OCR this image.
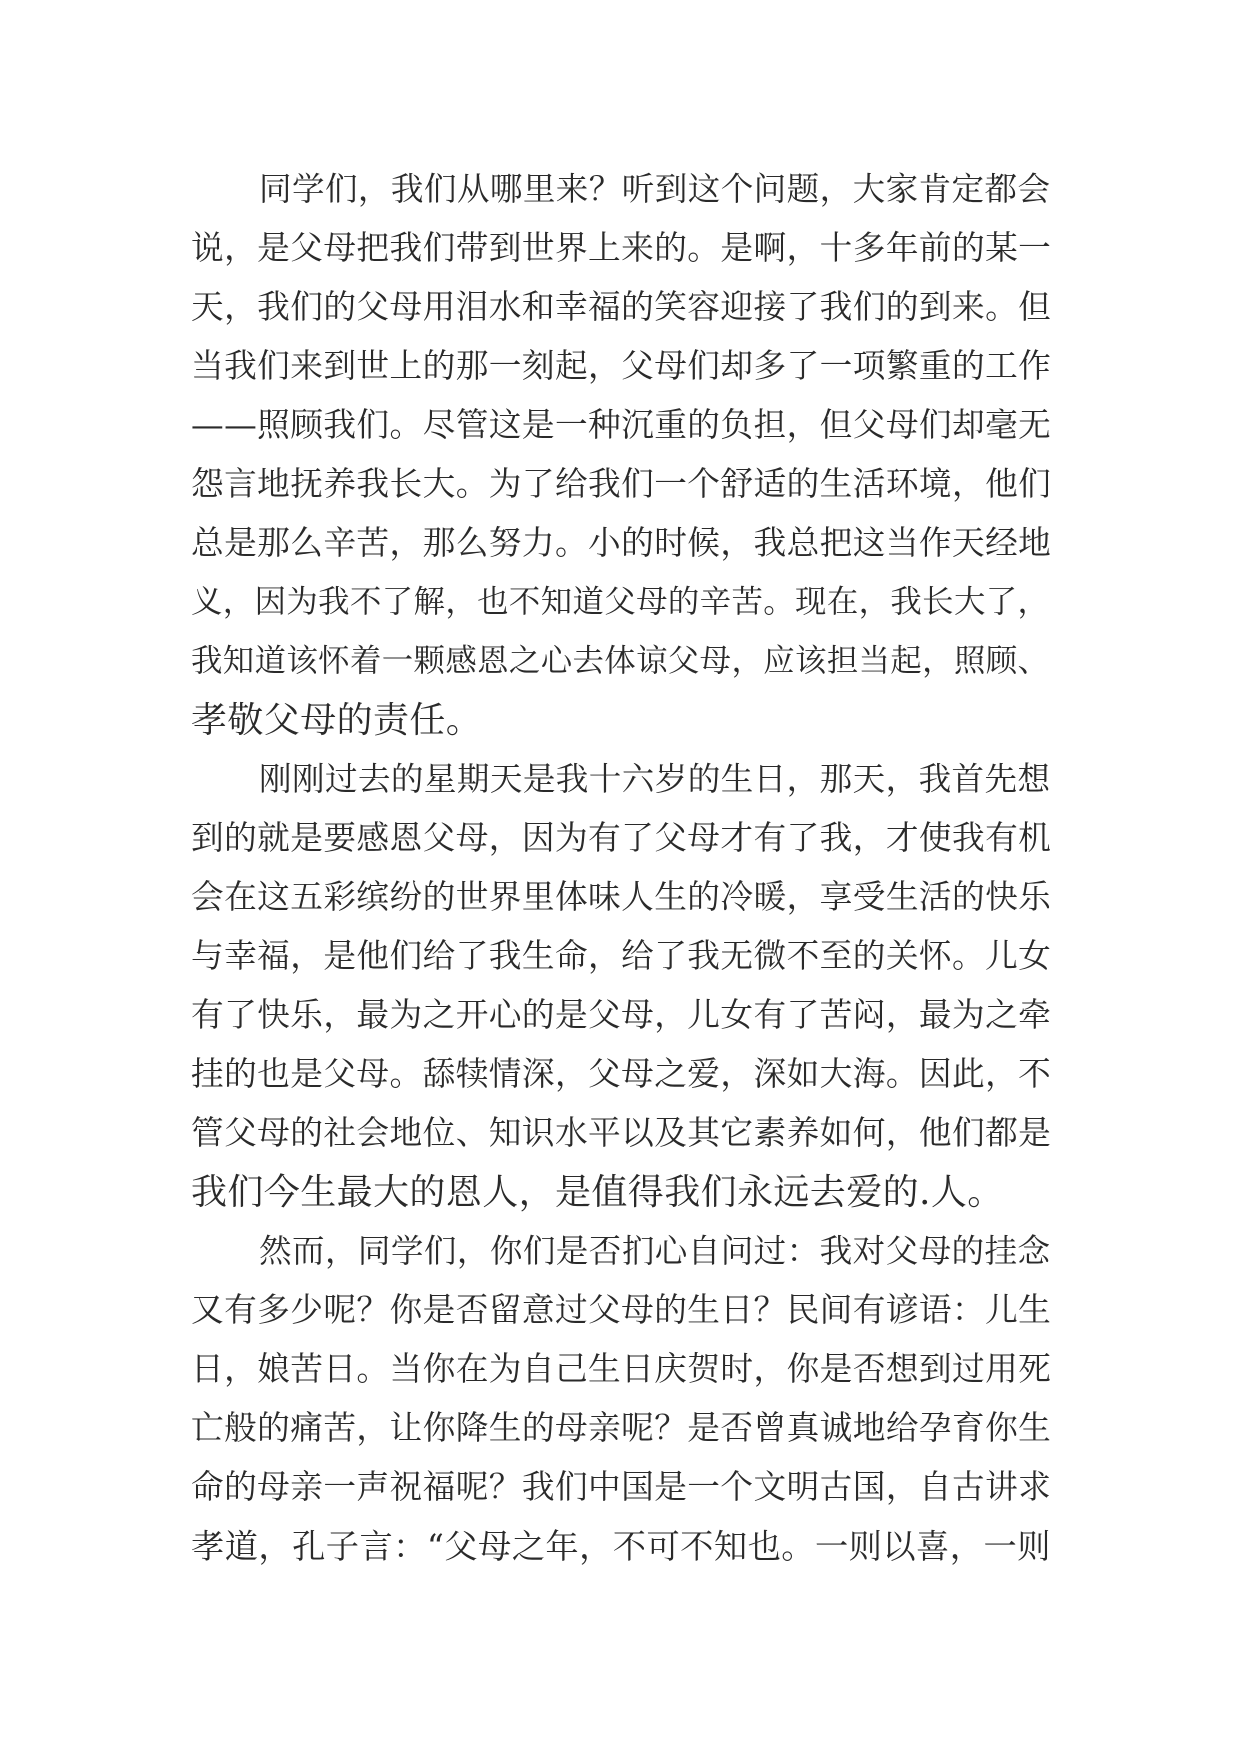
同学们，我们从哪里来？听到这个问题，大家肯定都会
说，是父母把我们带到世界上来的。是啊，十多年前的某一
天，我们的父母用泪水和幸福的笑容迎接了我们的到来。但
当我们来到世上的那一刻起，父母们却多了一项繁重的工作
——照顾我们。尽管这是一种沉重的负担，但父母们却毫无
怨言地抚养我长大。为了给我们一个舒适的生活环境，他们
总是那么辛苦，那么努力。小的时候，我总把这当作天经地
义，因为我不了解，也不知道父母的辛苦。现在，我长大了，
我知道该怀着一颗感恩之心去体谅父母，应该担当起，照顾、
孝敬父母的责任。
刚刚过去的星期天是我十六岁的生日，那天，我首先想
到的就是要感恩父母，因为有了父母才有了我，才使我有机
会在这五彩缤纷的世界里体味人生的冷暖，享受生活的快乐
与幸福，是他们给了我生命，给了我无微不至的关怀。儿女
有了快乐，最为之开心的是父母，儿女有了苦闷，最为之牵
挂的也是父母。舔犊情深，父母之爱，深如大海。因此，不
管父母的社会地位、知识水平以及其它素养如何，他们都是
我们今生最大的恩人，是值得我们永远去爱的.人。
然而，同学们，你们是否扪心自问过：我对父母的挂念
又有多少呢？你是否留意过父母的生日？民间有谚语：儿生
日，娘苦日。当你在为自己生日庆贺时，你是否想到过用死
亡般的痛苦，让你降生的母亲呢？是否曾真诚地给孕育你生
命的母亲一声祝福呢？我们中国是一个文明古国，自古讲求
孝道，孔子言：“父母之年，不可不知也。一则以喜，一则
